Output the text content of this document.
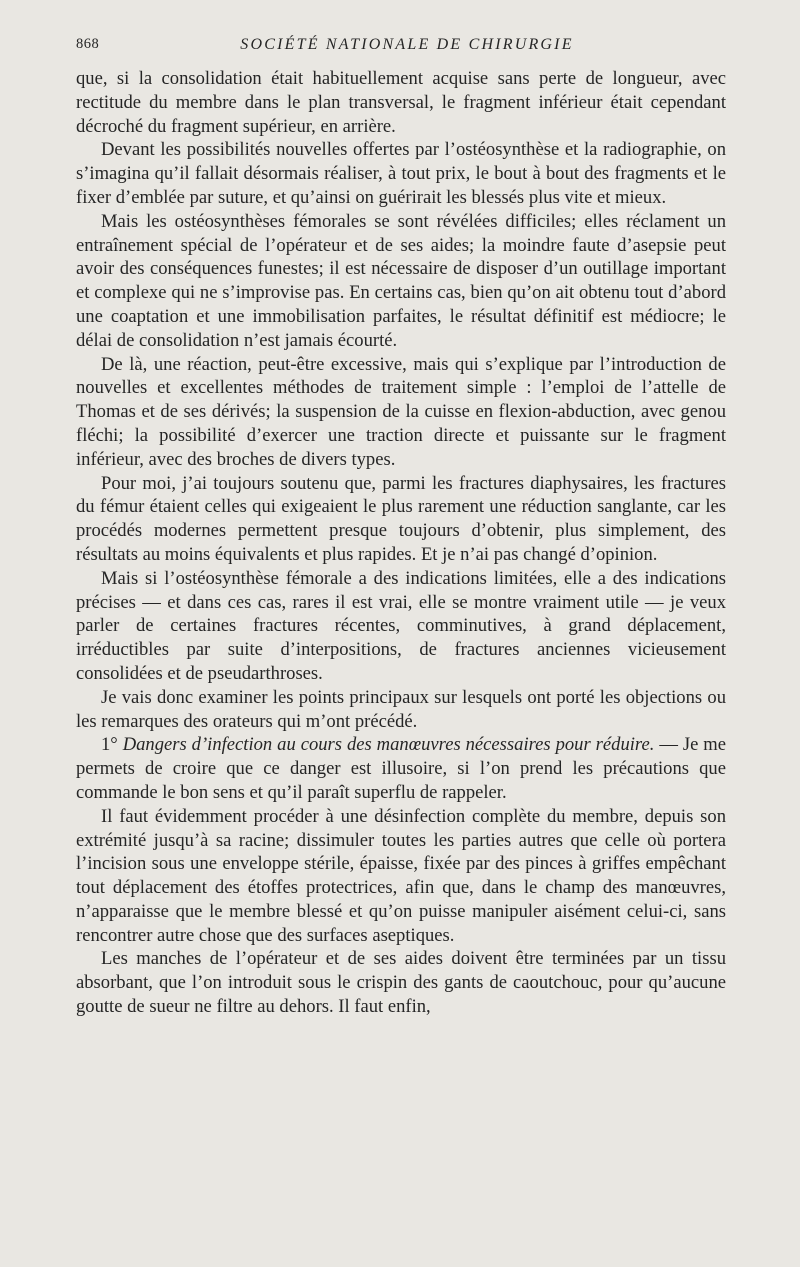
868	SOCIÉTÉ NATIONALE DE CHIRURGIE

que, si la consolidation était habituellement acquise sans perte de longueur, avec rectitude du membre dans le plan transversal, le fragment inférieur était cependant décroché du fragment supérieur, en arrière.

Devant les possibilités nouvelles offertes par l’ostéosynthèse et la radiographie, on s’imagina qu’il fallait désormais réaliser, à tout prix, le bout à bout des fragments et le fixer d’emblée par suture, et qu’ainsi on guérirait les blessés plus vite et mieux.

Mais les ostéosynthèses fémorales se sont révélées difficiles; elles réclament un entraînement spécial de l’opérateur et de ses aides; la moindre faute d’asepsie peut avoir des conséquences funestes; il est nécessaire de disposer d’un outillage important et complexe qui ne s’improvise pas. En certains cas, bien qu’on ait obtenu tout d’abord une coaptation et une immobilisation parfaites, le résultat définitif est médiocre; le délai de consolidation n’est jamais écourté.

De là, une réaction, peut-être excessive, mais qui s’explique par l’introduction de nouvelles et excellentes méthodes de traitement simple : l’emploi de l’attelle de Thomas et de ses dérivés; la suspension de la cuisse en flexion-abduction, avec genou fléchi; la possibilité d’exercer une traction directe et puissante sur le fragment inférieur, avec des broches de divers types.

Pour moi, j’ai toujours soutenu que, parmi les fractures diaphysaires, les fractures du fémur étaient celles qui exigeaient le plus rarement une réduction sanglante, car les procédés modernes permettent presque toujours d’obtenir, plus simplement, des résultats au moins équivalents et plus rapides. Et je n’ai pas changé d’opinion.

Mais si l’ostéosynthèse fémorale a des indications limitées, elle a des indications précises — et dans ces cas, rares il est vrai, elle se montre vraiment utile — je veux parler de certaines fractures récentes, comminutives, à grand déplacement, irréductibles par suite d’interpositions, de fractures anciennes vicieusement consolidées et de pseudarthroses.

Je vais donc examiner les points principaux sur lesquels ont porté les objections ou les remarques des orateurs qui m’ont précédé.

1° Dangers d’infection au cours des manœuvres nécessaires pour réduire. — Je me permets de croire que ce danger est illusoire, si l’on prend les précautions que commande le bon sens et qu’il paraît superflu de rappeler.

Il faut évidemment procéder à une désinfection complète du membre, depuis son extrémité jusqu’à sa racine; dissimuler toutes les parties autres que celle où portera l’incision sous une enveloppe stérile, épaisse, fixée par des pinces à griffes empêchant tout déplacement des étoffes protectrices, afin que, dans le champ des manœuvres, n’apparaisse que le membre blessé et qu’on puisse manipuler aisément celui-ci, sans rencontrer autre chose que des surfaces aseptiques.

Les manches de l’opérateur et de ses aides doivent être terminées par un tissu absorbant, que l’on introduit sous le crispin des gants de caoutchouc, pour qu’aucune goutte de sueur ne filtre au dehors. Il faut enfin,
